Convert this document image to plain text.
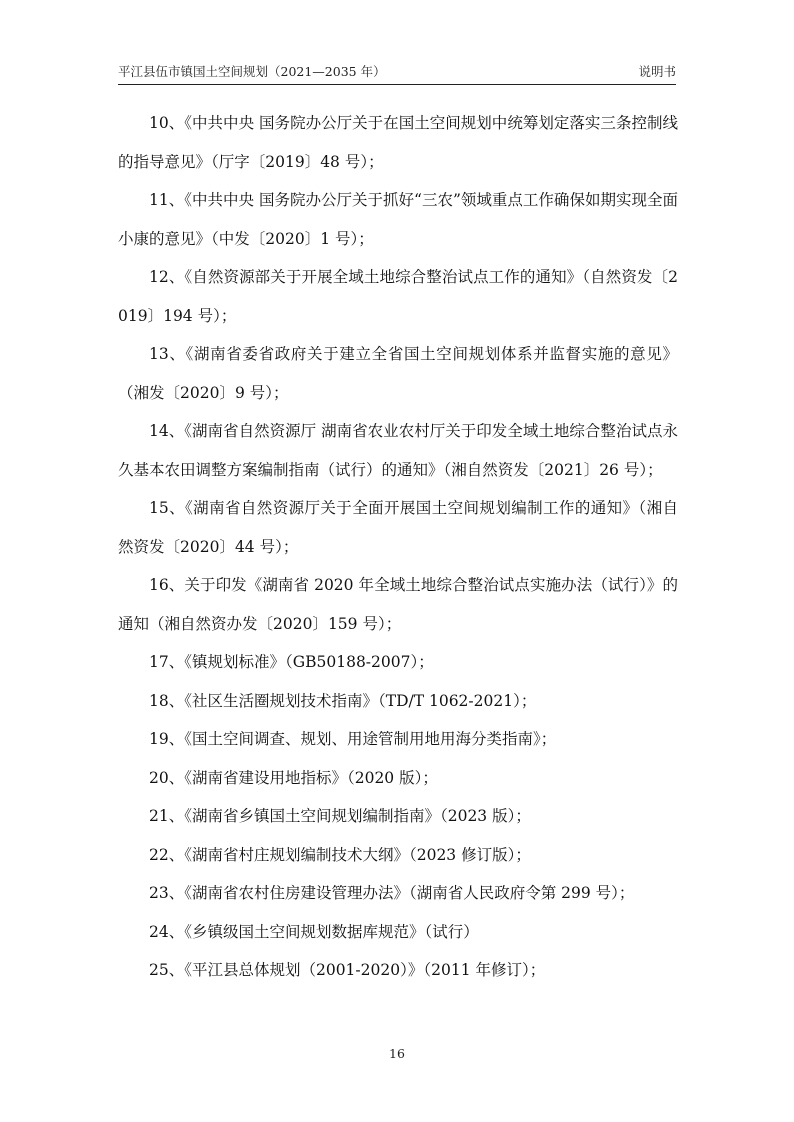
平江县伍市镇国土空间规划（2021—2035 年）	说明书

10、《中共中央 国务院办公厅关于在国土空间规划中统筹划定落实三条控制线的指导意见》（厅字〔2019〕48 号）；

11、《中共中央 国务院办公厅关于抓好“三农”领域重点工作确保如期实现全面小康的意见》（中发〔2020〕1 号）；

12、《自然资源部关于开展全域土地综合整治试点工作的通知》（自然资发〔2019〕194 号）；

13、《湖南省委省政府关于建立全省国土空间规划体系并监督实施的意见》（湘发〔2020〕9 号）；

14、《湖南省自然资源厅 湖南省农业农村厅关于印发全域土地综合整治试点永久基本农田调整方案编制指南（试行）的通知》（湘自然资发〔2021〕26 号）；

15、《湖南省自然资源厅关于全面开展国土空间规划编制工作的通知》（湘自然资发〔2020〕44 号）；

16、关于印发《湖南省 2020 年全域土地综合整治试点实施办法（试行）》的通知（湘自然资办发〔2020〕159 号）；

17、《镇规划标准》（GB50188-2007）；

18、《社区生活圈规划技术指南》（TD/T 1062-2021）；

19、《国土空间调查、规划、用途管制用地用海分类指南》；

20、《湖南省建设用地指标》（2020 版）；

21、《湖南省乡镇国土空间规划编制指南》（2023 版）；

22、《湖南省村庄规划编制技术大纲》（2023 修订版）；

23、《湖南省农村住房建设管理办法》（湖南省人民政府令第 299 号）；

24、《乡镇级国土空间规划数据库规范》（试行）

25、《平江县总体规划（2001-2020）》（2011 年修订）；

16
